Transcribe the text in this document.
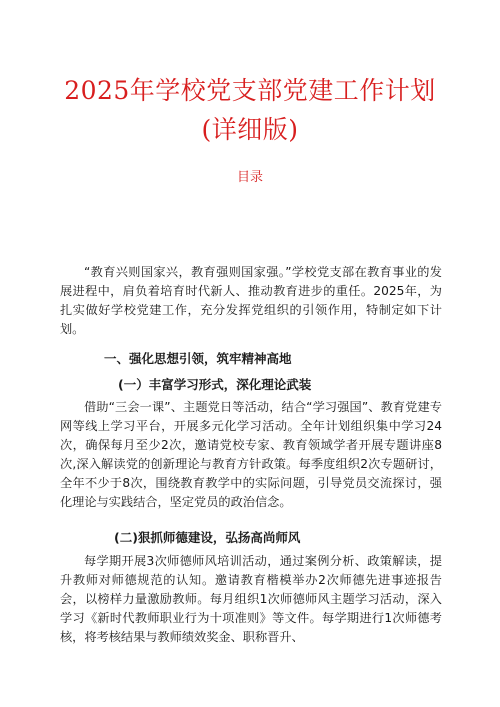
2025年学校党支部党建工作计划
(详细版)
目录
“教育兴则国家兴，教育强则国家强。”学校党支部在教育事业的发展进程中，肩负着培育时代新人、推动教育进步的重任。2025年，为扎实做好学校党建工作，充分发挥党组织的引领作用，特制定如下计划。
一、强化思想引领，筑牢精神高地
(一）丰富学习形式，深化理论武装
借助“三会一课”、主题党日等活动，结合“学习强国”、教育党建专网等线上学习平台，开展多元化学习活动。全年计划组织集中学习24次，确保每月至少2次，邀请党校专家、教育领域学者开展专题讲座8次,深入解读党的创新理论与教育方针政策。每季度组织2次专题研讨，全年不少于8次，围绕教育教学中的实际问题，引导党员交流探讨，强化理论与实践结合，坚定党员的政治信念。
(二)狠抓师德建设，弘扬高尚师风
每学期开展3次师德师风培训活动，通过案例分析、政策解读，提升教师对师德规范的认知。邀请教育楷模举办2次师德先进事迹报告会，以榜样力量激励教师。每月组织1次师德师风主题学习活动，深入学习《新时代教师职业行为十项准则》等文件。每学期进行1次师德考核，将考核结果与教师绩效奖金、职称晋升、
